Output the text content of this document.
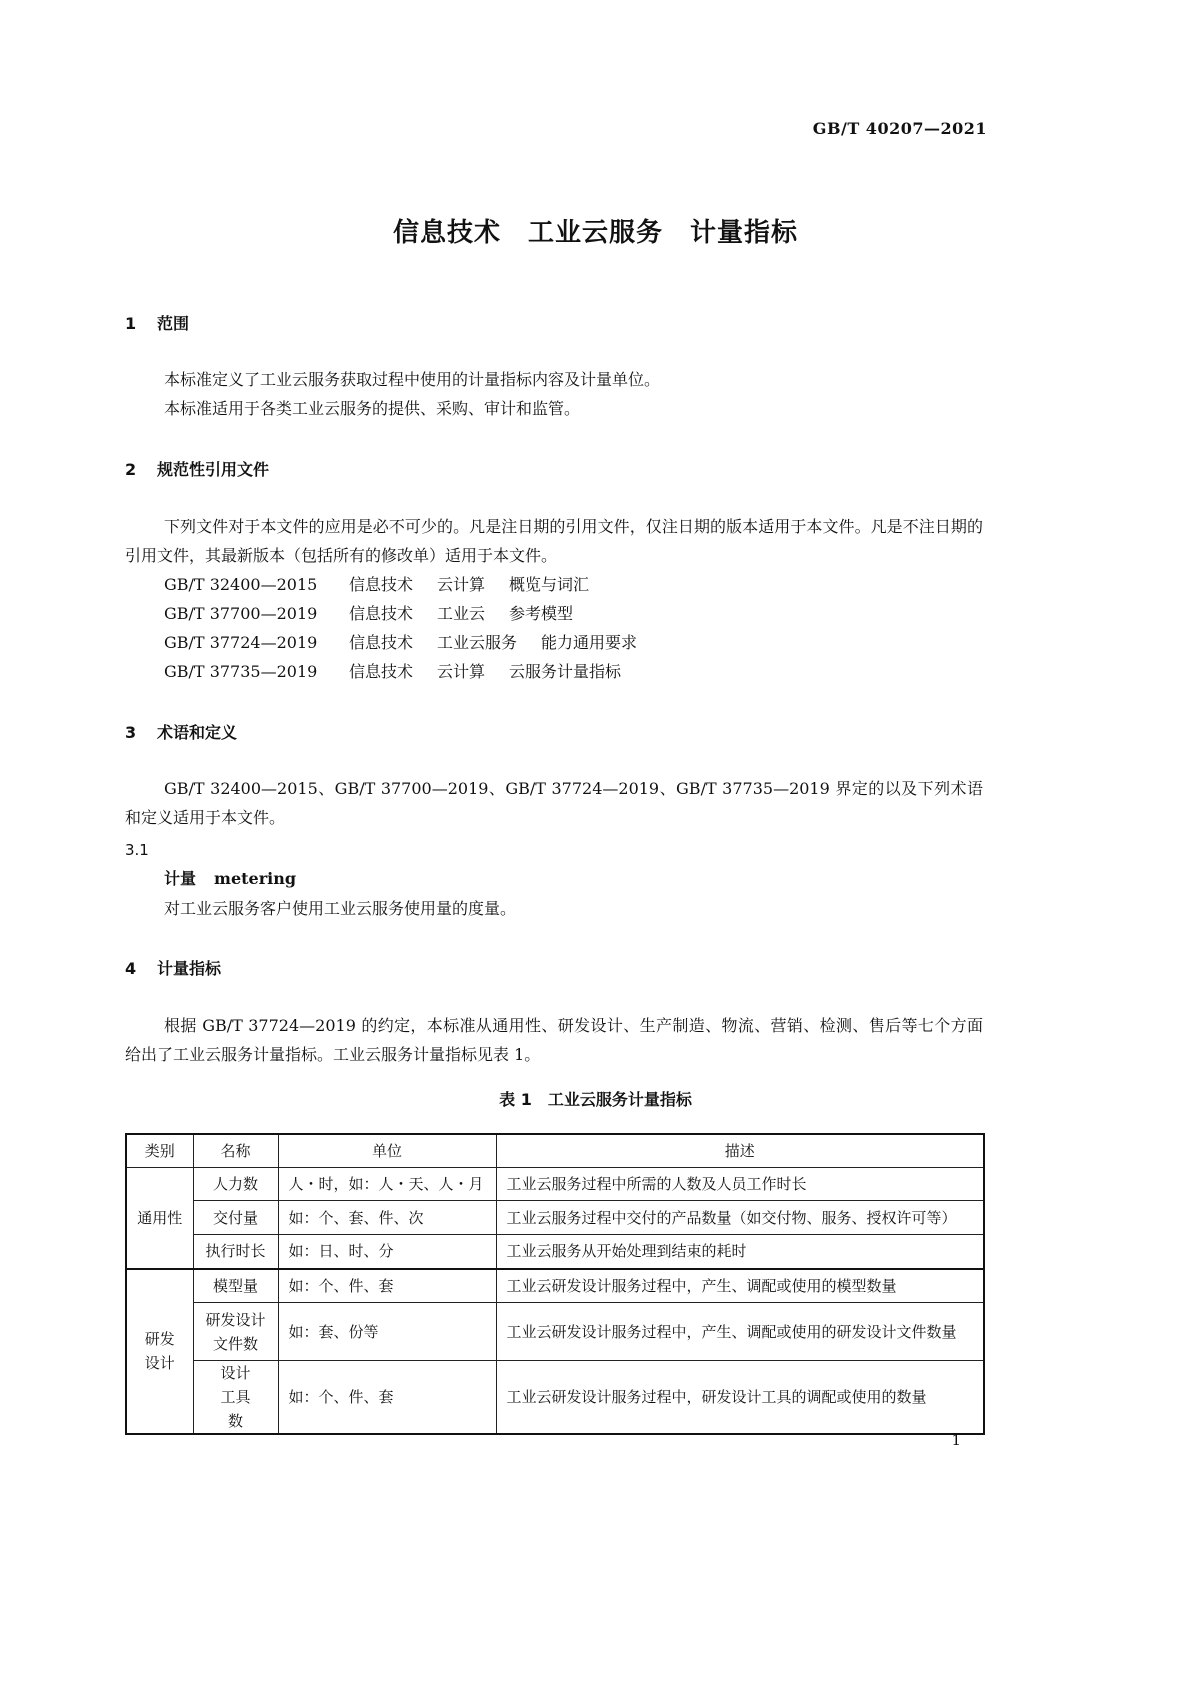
GB/T 40207—2021
信息技术　工业云服务　计量指标
1 范围
本标准定义了工业云服务获取过程中使用的计量指标内容及计量单位。
本标准适用于各类工业云服务的提供、采购、审计和监管。
2 规范性引用文件
下列文件对于本文件的应用是必不可少的。凡是注日期的引用文件，仅注日期的版本适用于本文件。凡是不注日期的引用文件，其最新版本（包括所有的修改单）适用于本文件。
GB/T 32400—2015 信息技术 云计算 概览与词汇
GB/T 37700—2019 信息技术 工业云 参考模型
GB/T 37724—2019 信息技术 工业云服务 能力通用要求
GB/T 37735—2019 信息技术 云计算 云服务计量指标
3 术语和定义
GB/T 32400—2015、GB/T 37700—2019、GB/T 37724—2019、GB/T 37735—2019 界定的以及下列术语和定义适用于本文件。
3.1
计量 metering
对工业云服务客户使用工业云服务使用量的度量。
4 计量指标
根据 GB/T 37724—2019 的约定，本标准从通用性、研发设计、生产制造、物流、营销、检测、售后等七个方面给出了工业云服务计量指标。工业云服务计量指标见表 1。
表 1　工业云服务计量指标
类别	名称	单位	描述
通用性	人力数	人・时，如：人・天、人・月	工业云服务过程中所需的人数及人员工作时长
	交付量	如：个、套、件、次	工业云服务过程中交付的产品数量（如交付物、服务、授权许可等）
	执行时长	如：日、时、分	工业云服务从开始处理到结束的耗时
研发设计	模型量	如：个、件、套	工业云研发设计服务过程中，产生、调配或使用的模型数量
	研发设计文件数	如：套、份等	工业云研发设计服务过程中，产生、调配或使用的研发设计文件数量
	设计工具数	如：个、件、套	工业云研发设计服务过程中，研发设计工具的调配或使用的数量
1
